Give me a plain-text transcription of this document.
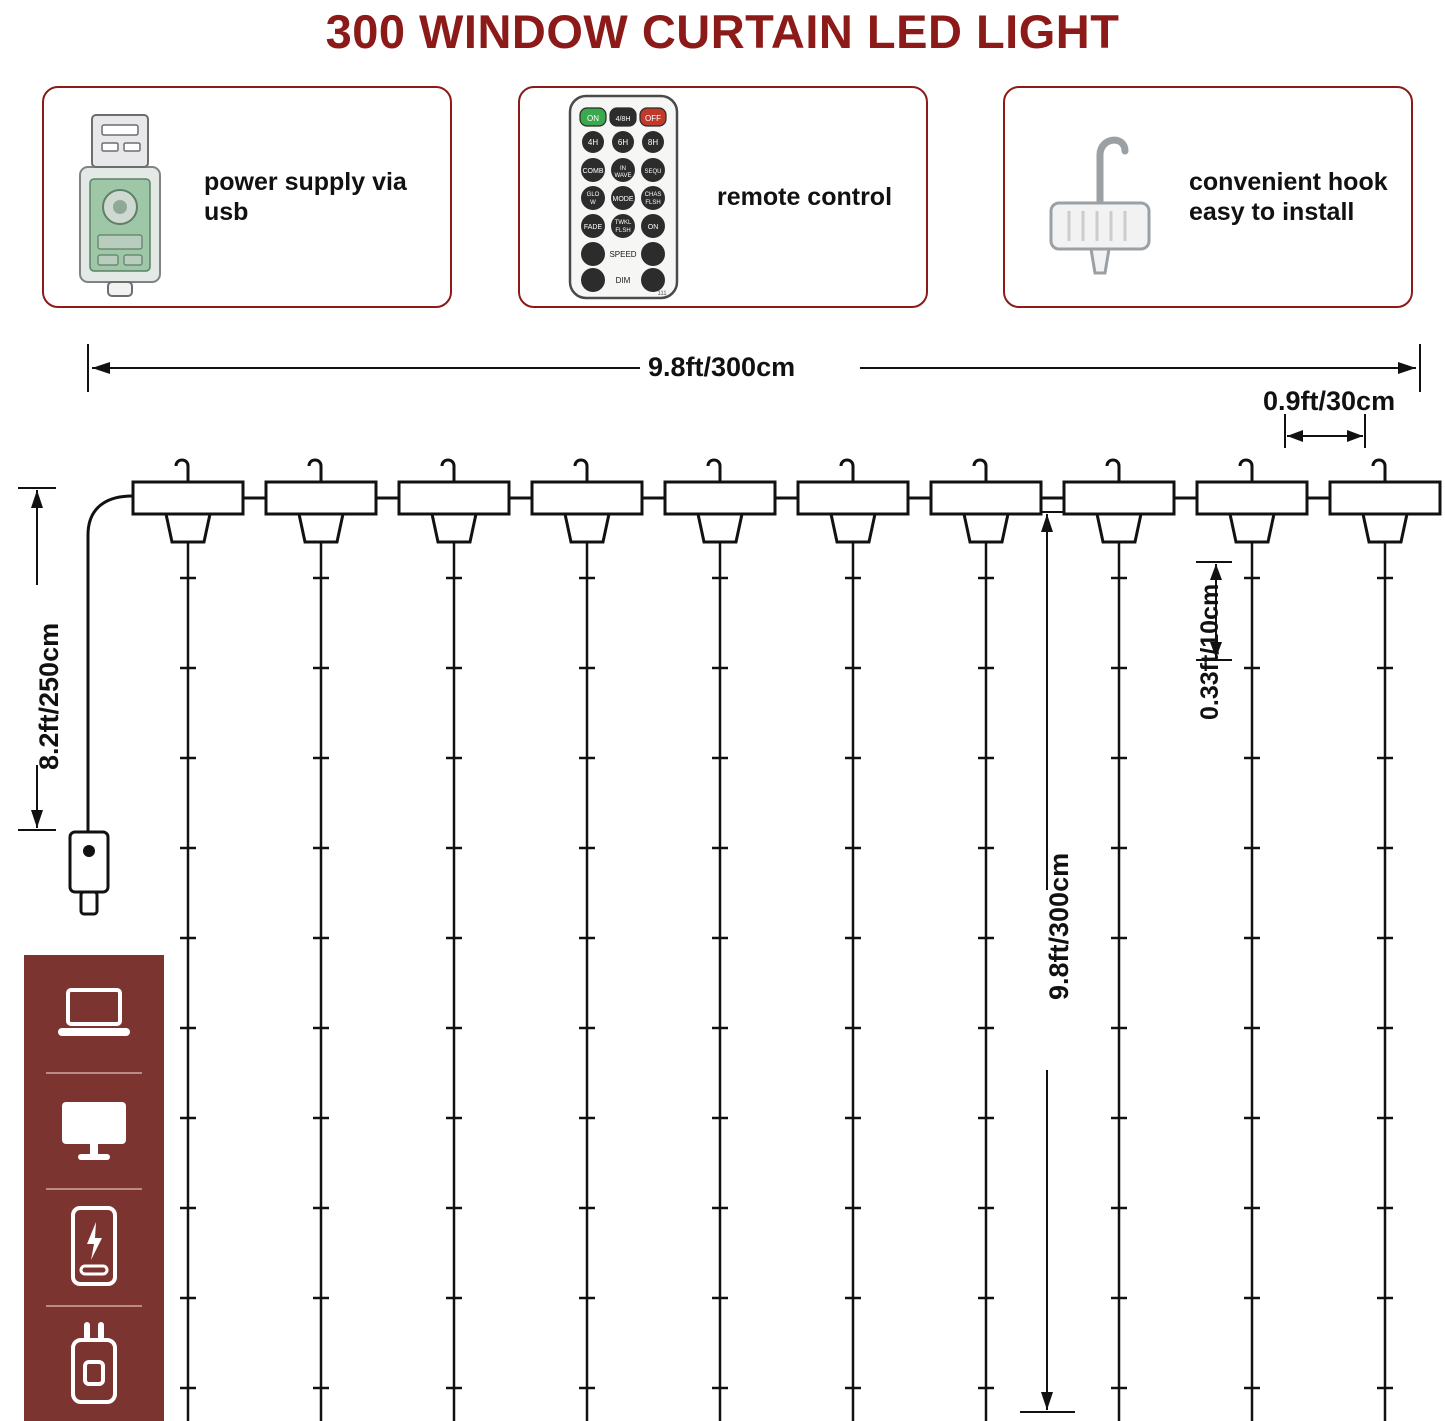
300 WINDOW CURTAIN LED LIGHT
power supply via usb
ON 4/8H OFF
4H 6H 8H
COMB	IN
WAVE
SEQU
GLO
W MODE
CHAS
FLSH
FADE
TWKL
FLSH ON
SPEED
DIM
111
remote control
convenient hook
easy to install
9.8ft/300cm
0.9ft/30cm
8.2ft/250cm
9.8ft/300cm
0.33ft/10cm
